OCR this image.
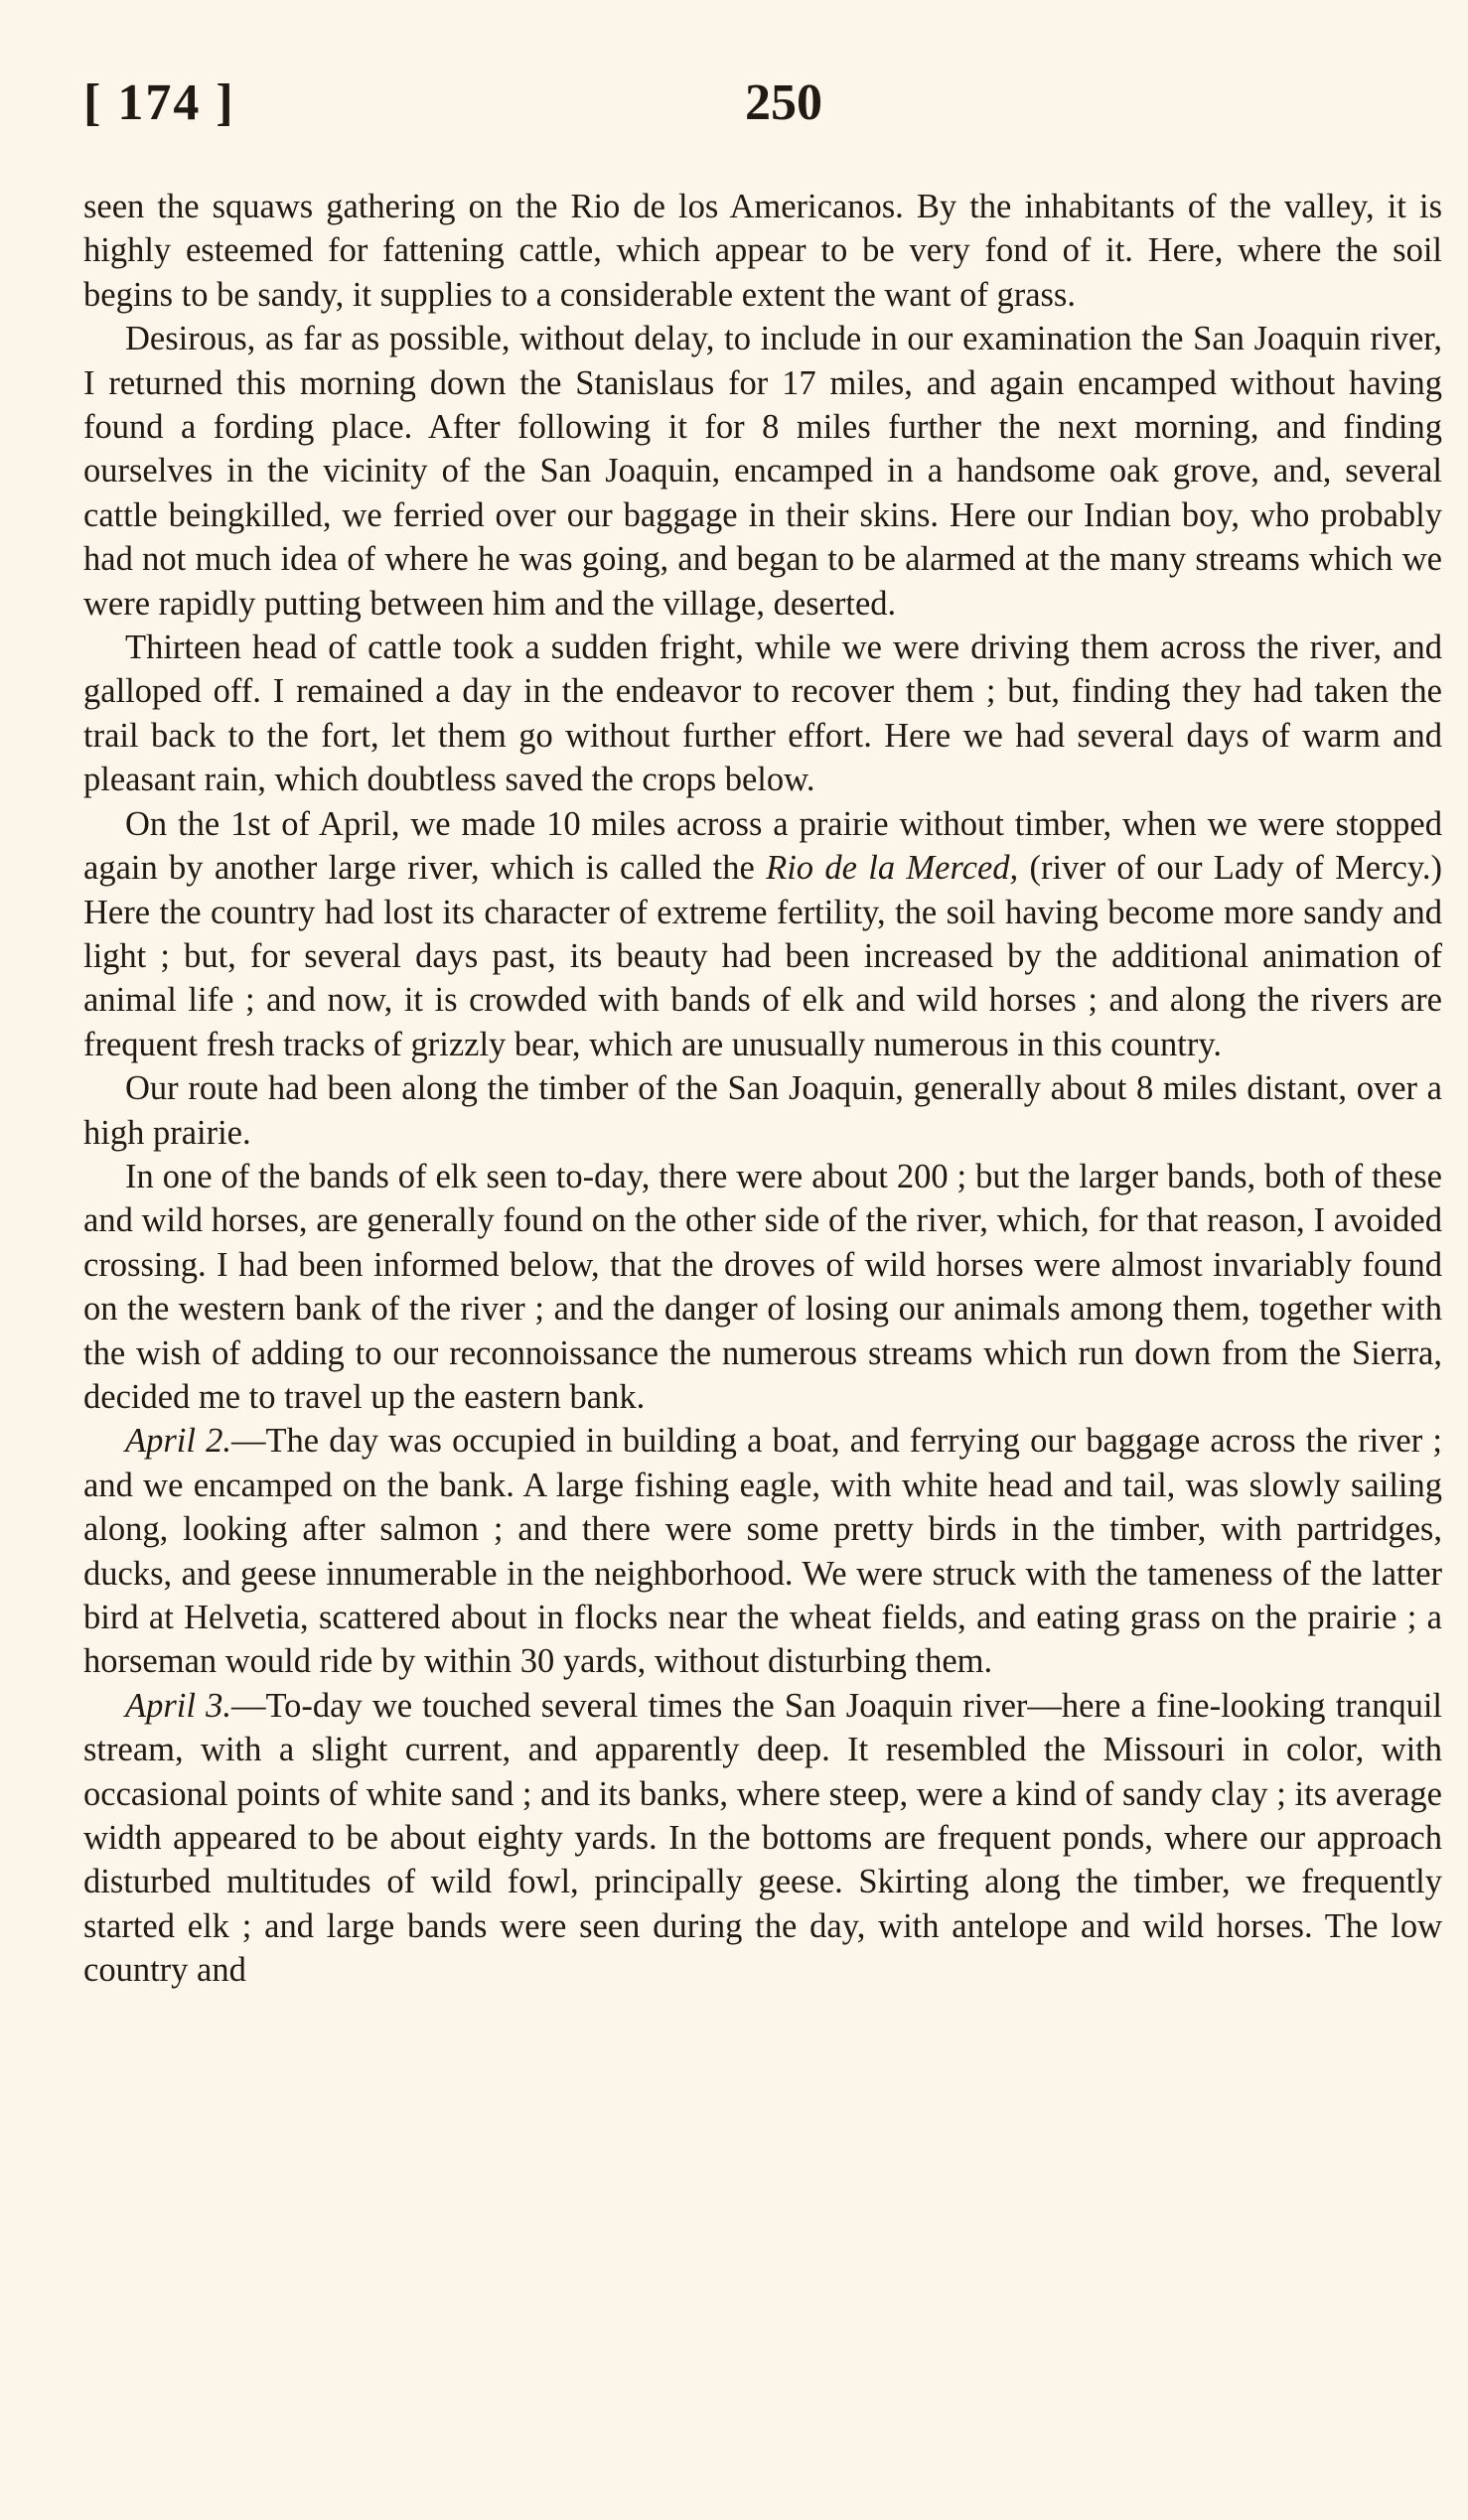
[ 174 ]	250

seen the squaws gathering on the Rio de los Americanos. By the inhabitants of the valley, it is highly esteemed for fattening cattle, which appear to be very fond of it. Here, where the soil begins to be sandy, it supplies to a considerable extent the want of grass.

Desirous, as far as possible, without delay, to include in our examination the San Joaquin river, I returned this morning down the Stanislaus for 17 miles, and again encamped without having found a fording place. After following it for 8 miles further the next morning, and finding ourselves in the vicinity of the San Joaquin, encamped in a handsome oak grove, and, several cattle beingkilled, we ferried over our baggage in their skins. Here our Indian boy, who probably had not much idea of where he was going, and began to be alarmed at the many streams which we were rapidly putting between him and the village, deserted.

Thirteen head of cattle took a sudden fright, while we were driving them across the river, and galloped off. I remained a day in the endeavor to recover them ; but, finding they had taken the trail back to the fort, let them go without further effort. Here we had several days of warm and pleasant rain, which doubtless saved the crops below.

On the 1st of April, we made 10 miles across a prairie without timber, when we were stopped again by another large river, which is called the Rio de la Merced, (river of our Lady of Mercy.) Here the country had lost its character of extreme fertility, the soil having become more sandy and light ; but, for several days past, its beauty had been increased by the additional animation of animal life ; and now, it is crowded with bands of elk and wild horses ; and along the rivers are frequent fresh tracks of grizzly bear, which are unusually numerous in this country.

Our route had been along the timber of the San Joaquin, generally about 8 miles distant, over a high prairie.

In one of the bands of elk seen to-day, there were about 200 ; but the larger bands, both of these and wild horses, are generally found on the other side of the river, which, for that reason, I avoided crossing. I had been informed below, that the droves of wild horses were almost invariably found on the western bank of the river ; and the danger of losing our animals among them, together with the wish of adding to our reconnoissance the numerous streams which run down from the Sierra, decided me to travel up the eastern bank.

April 2.—The day was occupied in building a boat, and ferrying our baggage across the river ; and we encamped on the bank. A large fishing eagle, with white head and tail, was slowly sailing along, looking after salmon ; and there were some pretty birds in the timber, with partridges, ducks, and geese innumerable in the neighborhood. We were struck with the tameness of the latter bird at Helvetia, scattered about in flocks near the wheat fields, and eating grass on the prairie ; a horseman would ride by within 30 yards, without disturbing them.

April 3.—To-day we touched several times the San Joaquin river—here a fine-looking tranquil stream, with a slight current, and apparently deep. It resembled the Missouri in color, with occasional points of white sand ; and its banks, where steep, were a kind of sandy clay ; its average width appeared to be about eighty yards. In the bottoms are frequent ponds, where our approach disturbed multitudes of wild fowl, principally geese. Skirting along the timber, we frequently started elk ; and large bands were seen during the day, with antelope and wild horses. The low country and
